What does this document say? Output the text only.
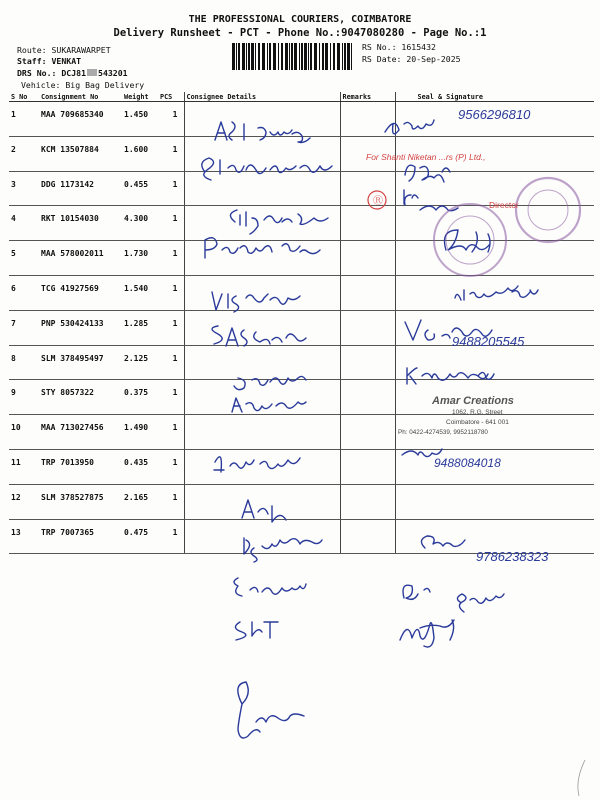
THE PROFESSIONAL COURIERS, COIMBATORE
Delivery Runsheet - PCT - Phone No.:9047080280 - Page No.:1
Route: SUKARAWARPET
Staff: VENKAT
DRS No.: DCJ81 543201
Vehicle: Big Bag Delivery
RS No.: 1615432
RS Date: 20-Sep-2025
S No	Consignment No	Weight	PCS	Consignee Details	Remarks	Seal & Signature
1	MAA 709685340	1.450	1			
2	KCM 13507884	1.600	1			
3	DDG 1173142	0.455	1			
4	RKT 10154030	4.300	1			
5	MAA 578002011	1.730	1			
6	TCG 41927569	1.540	1			
7	PNP 530424133	1.285	1			
8	SLM 378495497	2.125	1			
9	STY 8057322	0.375	1			
10	MAA 713027456	1.490	1			
11	TRP 7013950	0.435	1			
12	SLM 378527875	2.165	1			
13	TRP 7007365	0.475	1			
Ⓡ
9566296810
9488205545
9488084018
9786238323
For Shanti Niketan ...rs (P) Ltd.,
Director
Amar Creations
1062, R.G. Street
Coimbatore - 641 001
Ph: 0422-4274539, 9952118780
